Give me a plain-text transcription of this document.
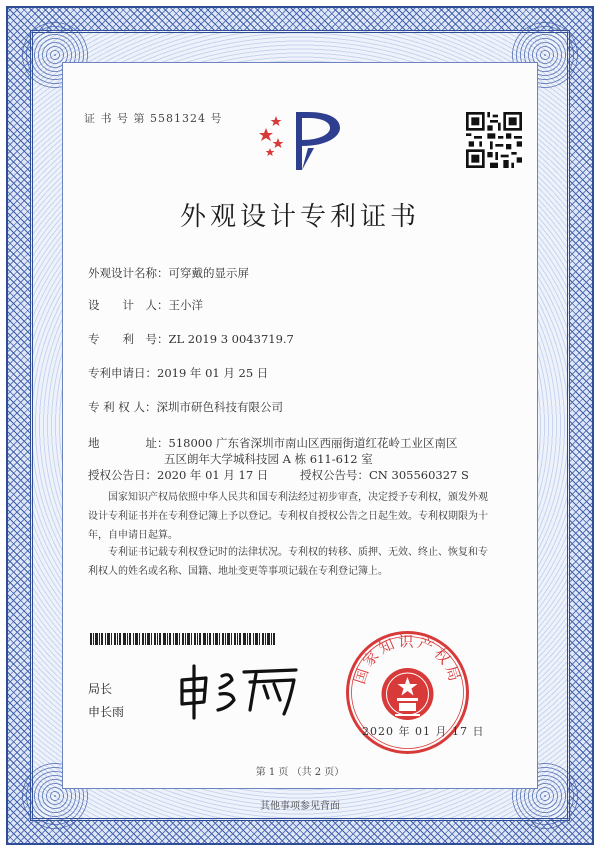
证 书 号 第 5581324 号
外观设计专利证书
外观设计名称：可穿戴的显示屏
设　　计　人：王小洋
专　　利　号：ZL 2019 3 0043719.7
专利申请日：2019 年 01 月 25 日
专 利 权 人：深圳市研色科技有限公司
地　　　　址：518000 广东省深圳市南山区西丽街道红花岭工业区南区
五区朗年大学城科技园 A 栋 611-612 室
授权公告日：2020 年 01 月 17 日	授权公告号：CN 305560327 S
　　国家知识产权局依照中华人民共和国专利法经过初步审查，决定授予专利权，颁发外观
设计专利证书并在专利登记簿上予以登记。专利权自授权公告之日起生效。专利权期限为十
年，自申请日起算。
　　专利证书记载专利权登记时的法律状况。专利权的转移、质押、无效、终止、恢复和专
利权人的姓名或名称、国籍、地址变更等事项记载在专利登记簿上。
局长
申长雨
国家知识产权局
2020 年 01 月 17 日
第 1 页 （共 2 页）
其他事项参见背面
